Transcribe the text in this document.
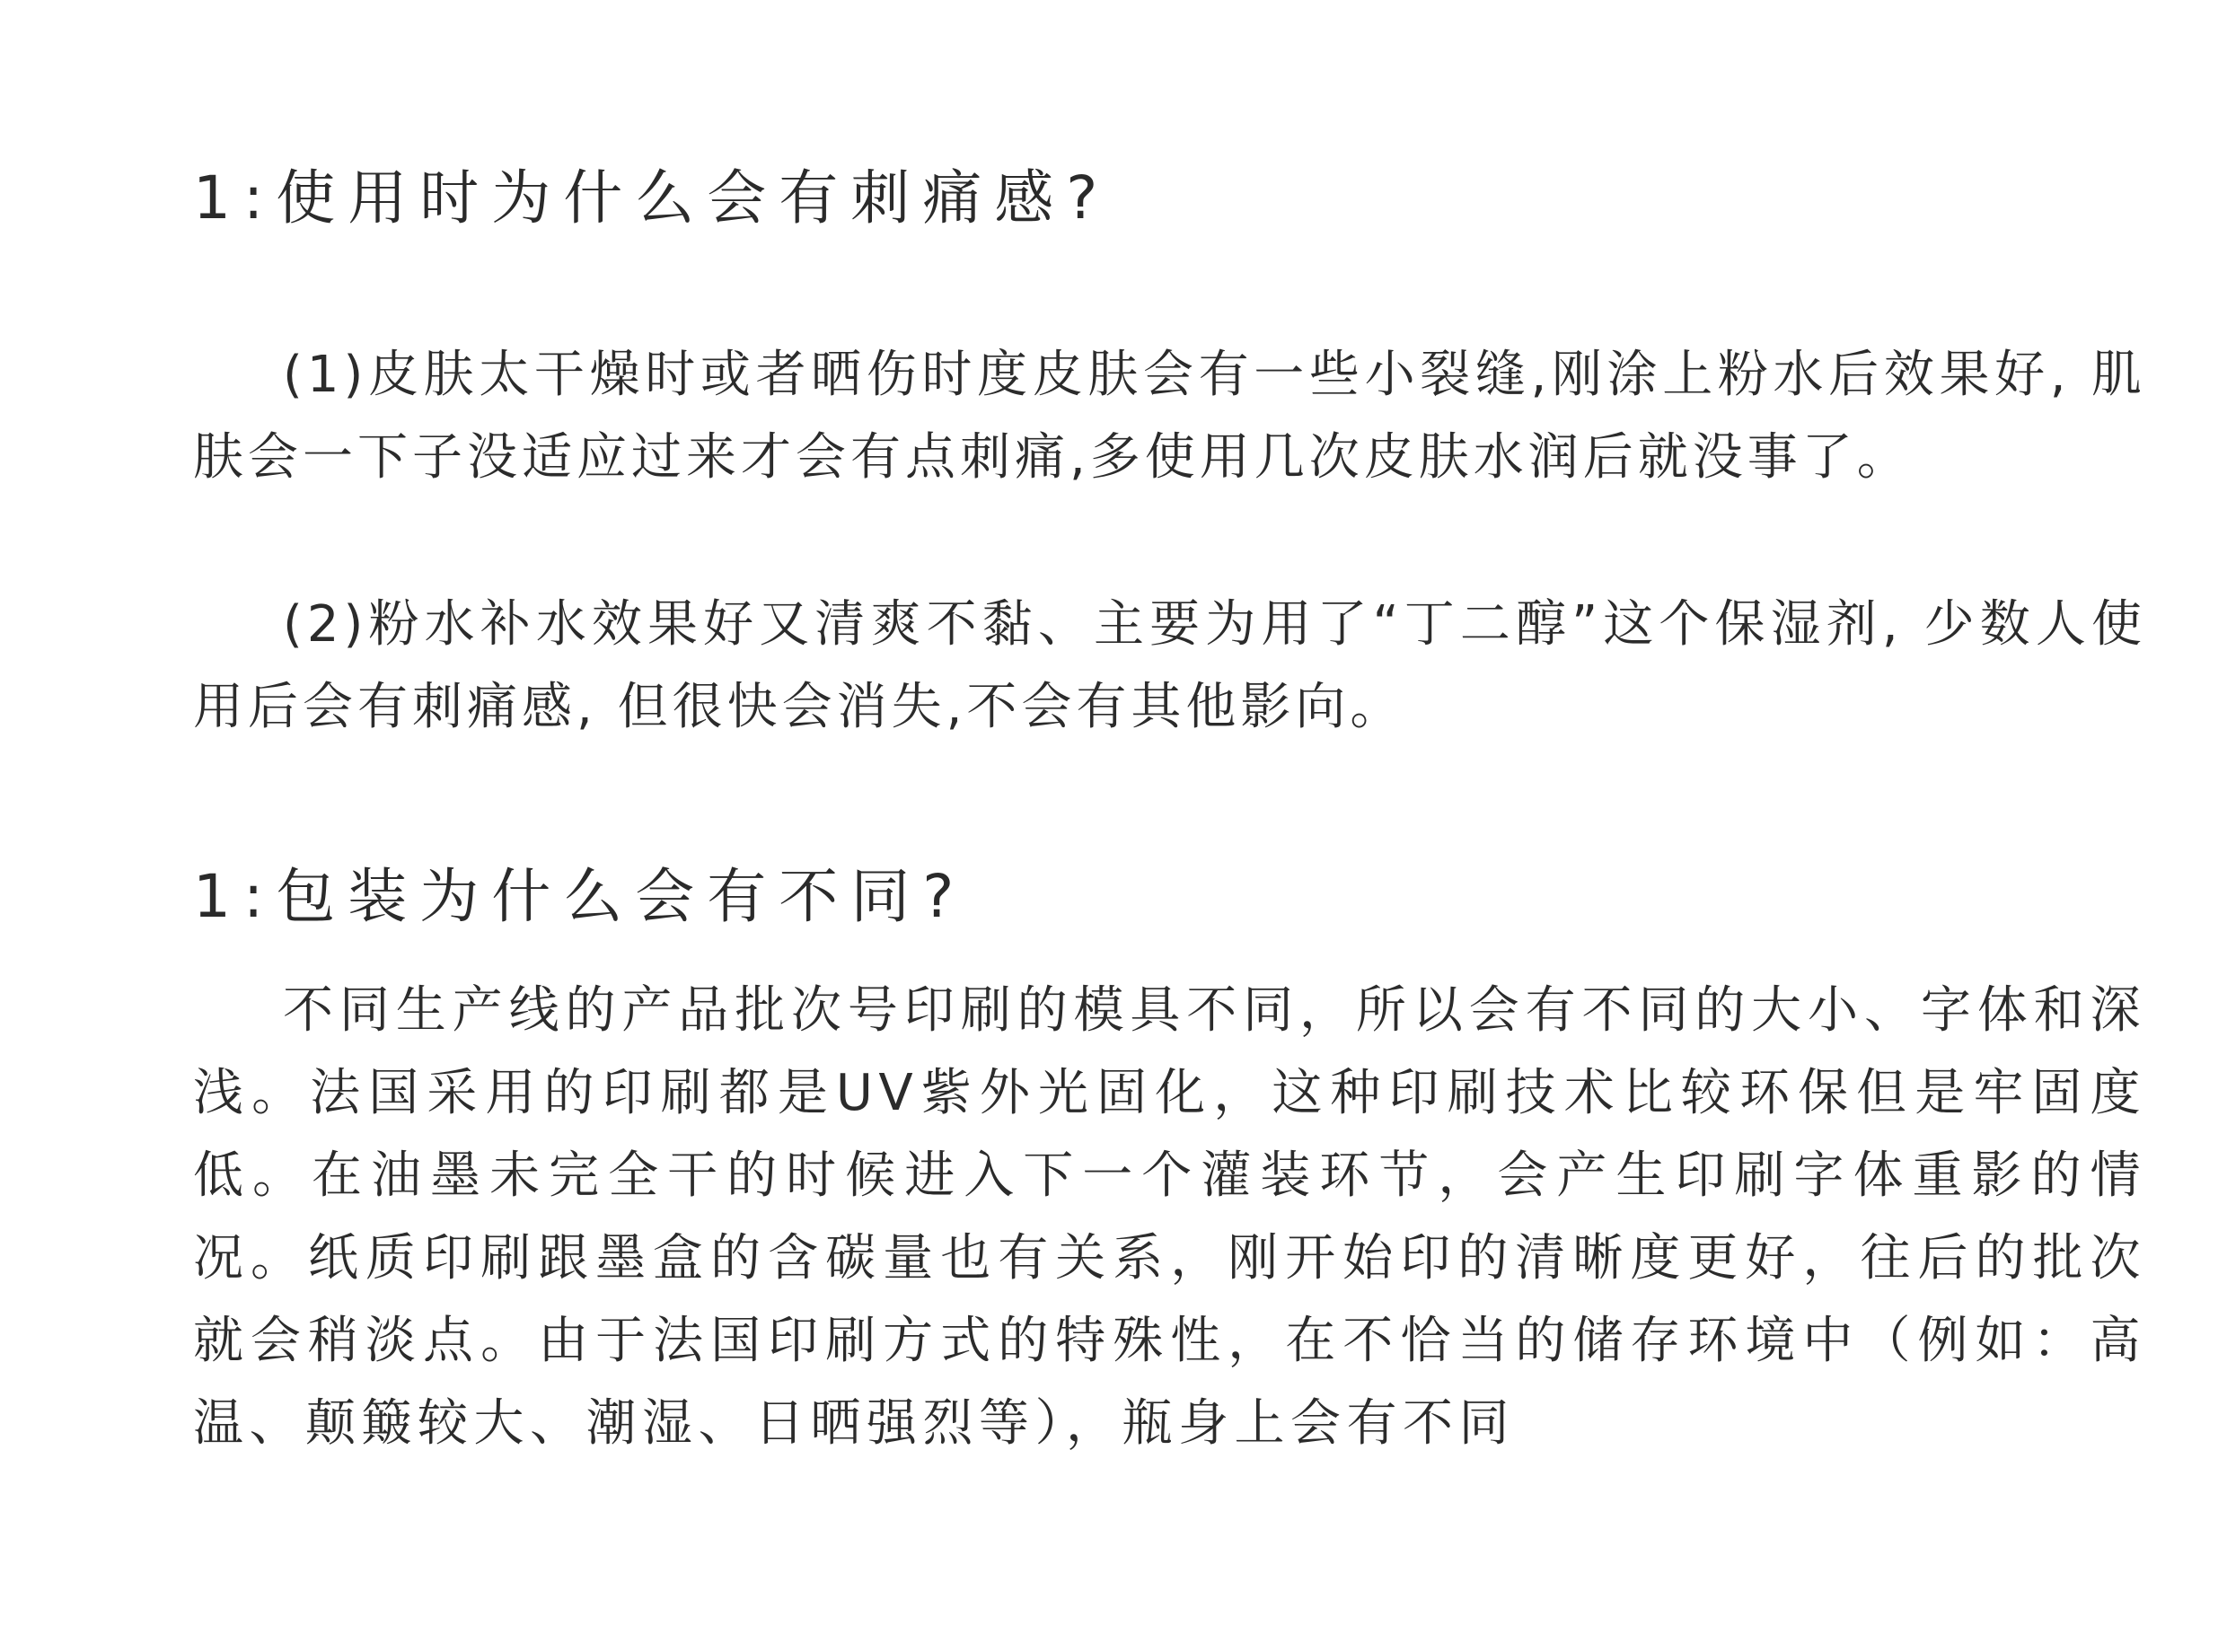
1:使用时为什么会有刺痛感?

(1)皮肤太干燥时或者晒伤时度皮肤会有一些小裂缝,刚涂上粉水后效果好, 肌肤会一下子没适应过来才会有点刺痛,多使用几次皮肤水润后就没事了。

(2)粉水补水效果好又清爽不黏、主要为用了“丁二醇”这个保湿剂, 少数人使用后会有刺痛感, 但很快会消失,不会有其他影向。

1:包装为什么会有不同?

不同生产线的产品批次号印刷的模具不同，所以会有不同的大小、字体和深浅。法国采用的印刷都是UV紫外光固化，这种印刷技术比较环保但是牢固度低。在油墨未完全干的时候进入下一个灌装环节，会产生印刷字体重影的情况。纸质印刷跟墨盒的含碳量也有关系，刚开始印的清晰度更好，往后的批次就会稍淡点。由于法国印刷方式的特殊性，在不恰当的储存环境中（例如：高温、颠簸较大、潮湿、日晒强烈等），瓶身上会有不同
